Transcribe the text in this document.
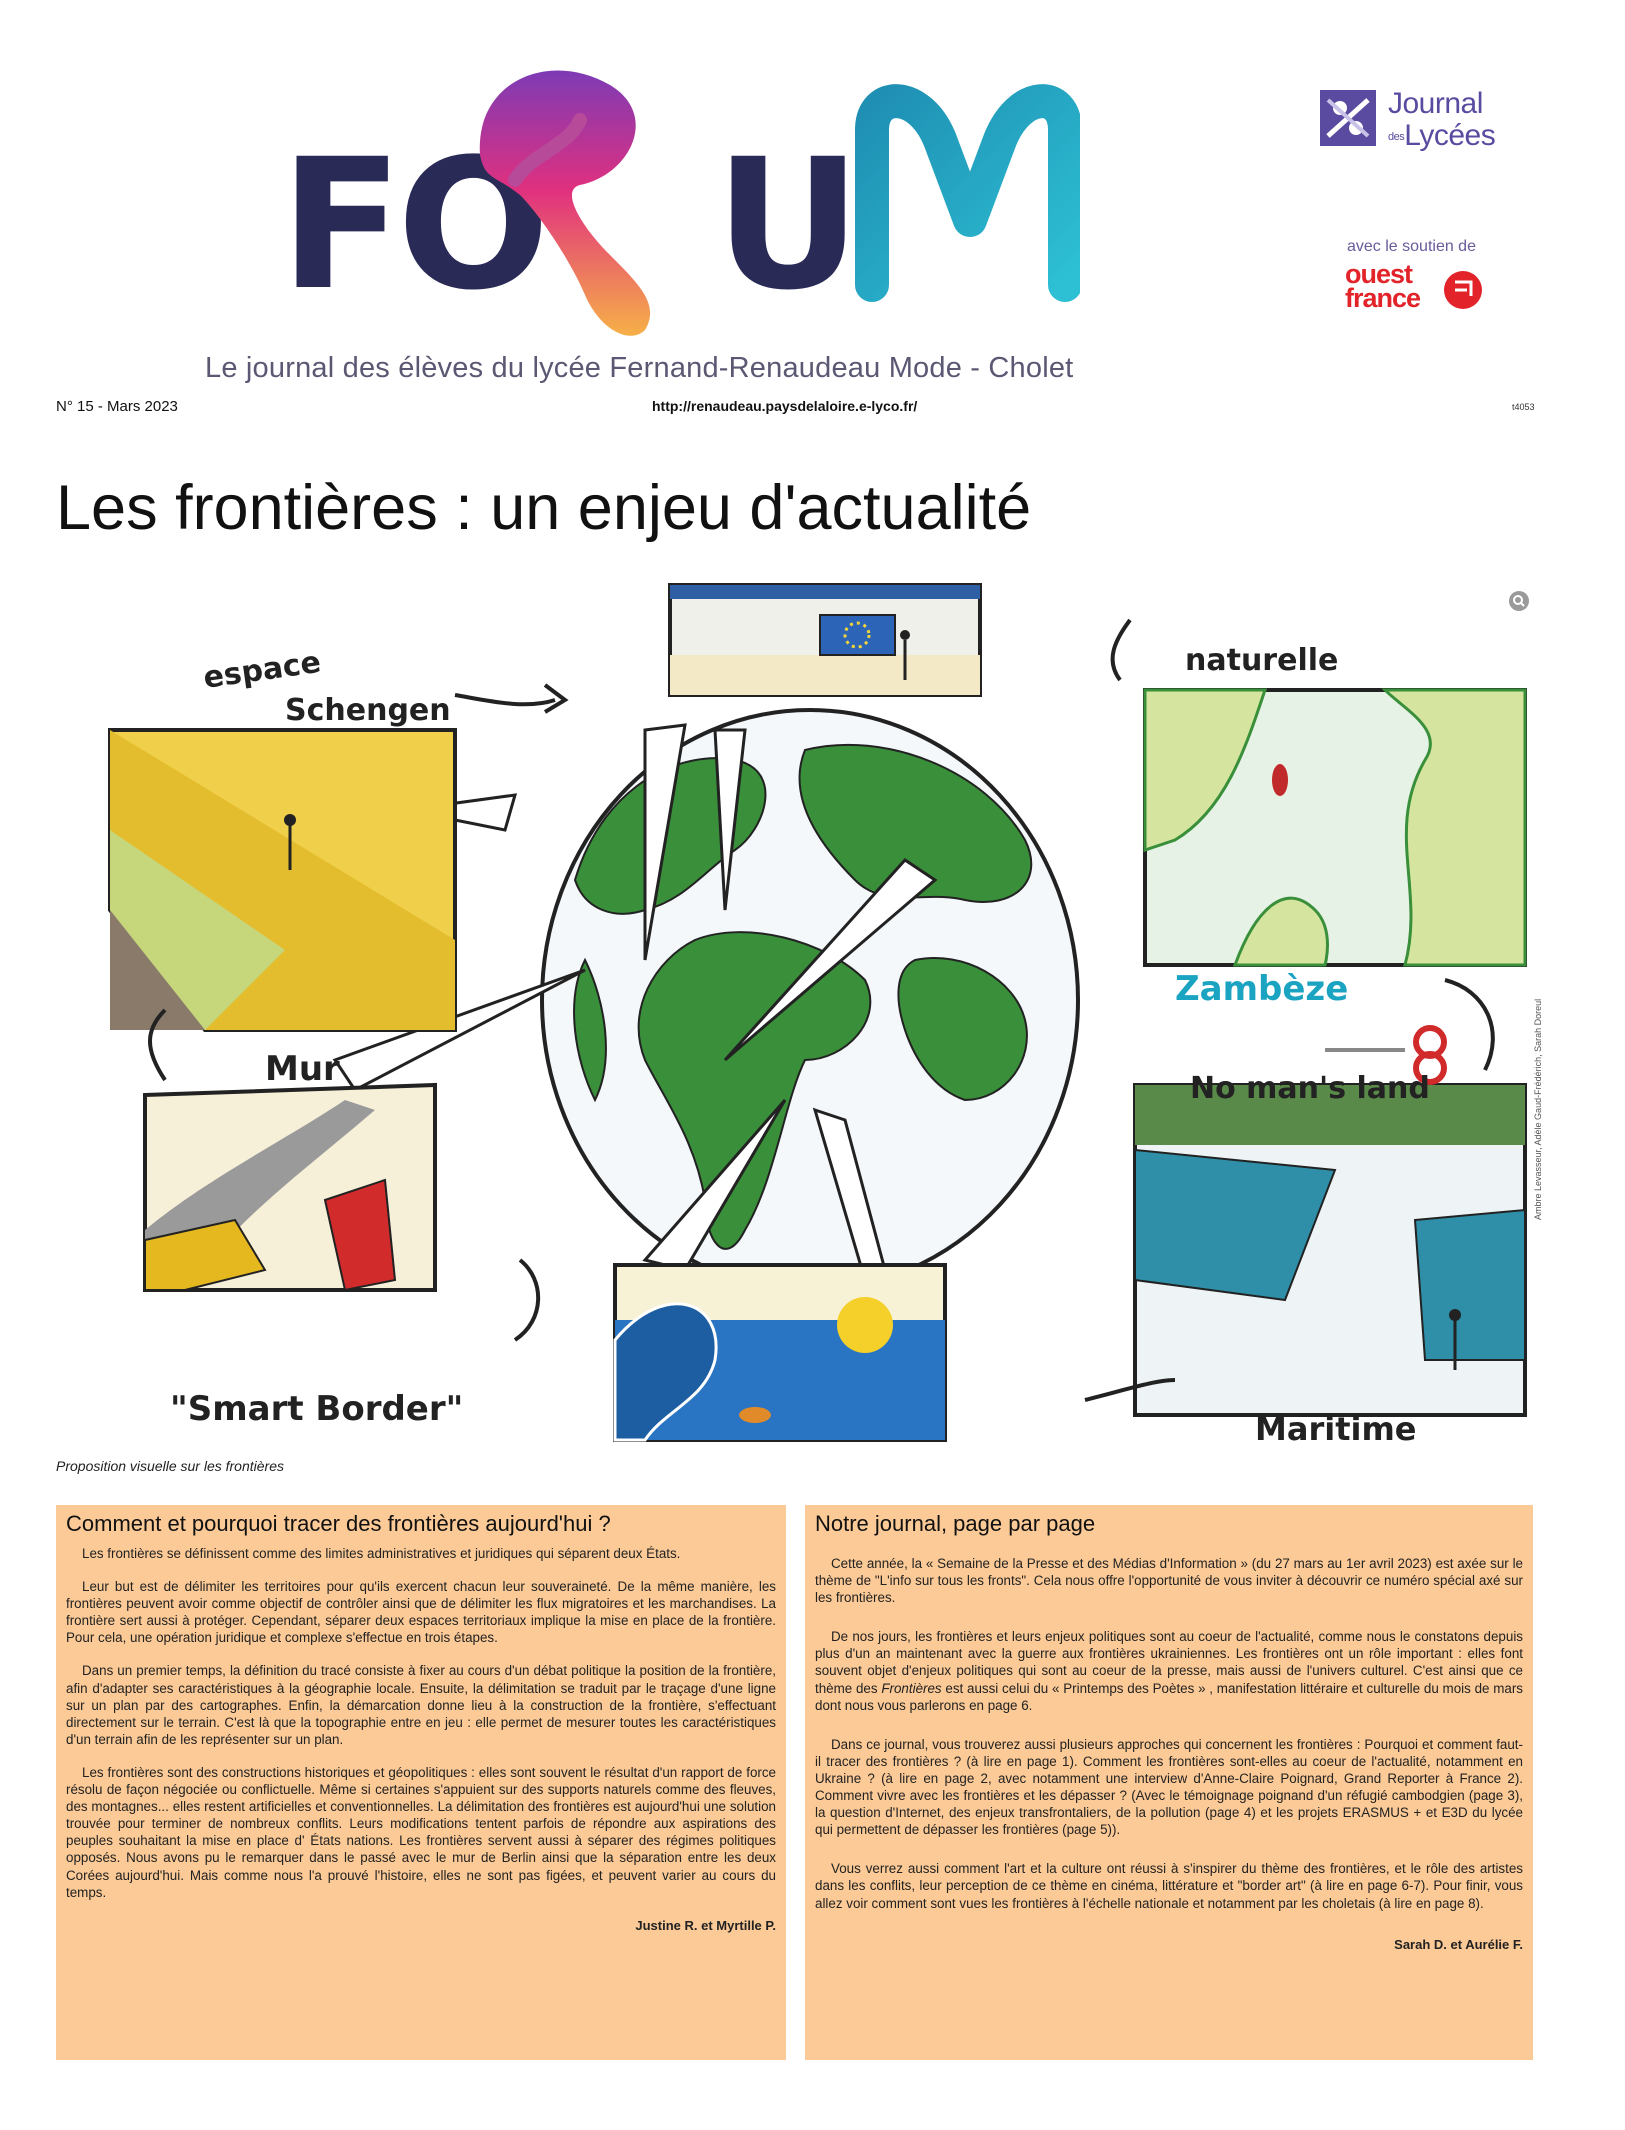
FO U
Le journal des élèves du lycée Fernand-Renaudeau Mode - Cholet
N° 15 - Mars 2023	http://renaudeau.paysdelaloire.e-lyco.fr/	t4053
Journal
desLycées
avec le soutien de
ouest
france
Les frontières : un enjeu d'actualité
espace
Schengen
naturelle
Zambèze
No man's land
Mur
"Smart Border"	Maritime
Ambre Levasseur, Adèle Gaud-Frédérich, Sarah Doreul
Proposition visuelle sur les frontières
Comment et pourquoi tracer des frontières aujourd'hui ?

Les frontières se définissent comme des limites administratives et juridiques qui séparent deux États.

Leur but est de délimiter les territoires pour qu'ils exercent chacun leur souveraineté. De la même manière, les frontières peuvent avoir comme objectif de contrôler ainsi que de délimiter les flux migratoires et les marchandises. La frontière sert aussi à protéger. Cependant, séparer deux espaces territoriaux implique la mise en place de la frontière. Pour cela, une opération juridique et complexe s'effectue en trois étapes.

Dans un premier temps, la définition du tracé consiste à fixer au cours d'un débat politique la position de la frontière, afin d'adapter ses caractéristiques à la géographie locale. Ensuite, la délimitation se traduit par le traçage d'une ligne sur un plan par des cartographes. Enfin, la démarcation donne lieu à la construction de la frontière, s'effectuant directement sur le terrain. C'est là que la topographie entre en jeu : elle permet de mesurer toutes les caractéristiques d'un terrain afin de les représenter sur un plan.

Les frontières sont des constructions historiques et géopolitiques : elles sont souvent le résultat d'un rapport de force résolu de façon négociée ou conflictuelle. Même si certaines s'appuient sur des supports naturels comme des fleuves, des montagnes... elles restent artificielles et conventionnelles. La délimitation des frontières est aujourd'hui une solution trouvée pour terminer de nombreux conflits. Leurs modifications tentent parfois de répondre aux aspirations des peuples souhaitant la mise en place d' États nations. Les frontières servent aussi à séparer des régimes politiques opposés. Nous avons pu le remarquer dans le passé avec le mur de Berlin ainsi que la séparation entre les deux Corées aujourd'hui. Mais comme nous l'a prouvé l'histoire, elles ne sont pas figées, et peuvent varier au cours du temps.

Justine R. et Myrtille P.

Notre journal, page par page

Cette année, la « Semaine de la Presse et des Médias d'Information » (du 27 mars au 1er avril 2023) est axée sur le thème de "L'info sur tous les fronts". Cela nous offre l'opportunité de vous inviter à découvrir ce numéro spécial axé sur les frontières.

De nos jours, les frontières et leurs enjeux politiques sont au coeur de l'actualité, comme nous le constatons depuis plus d'un an maintenant avec la guerre aux frontières ukrainiennes. Les frontières ont un rôle important : elles font souvent objet d'enjeux politiques qui sont au coeur de la presse, mais aussi de l'univers culturel. C'est ainsi que ce thème des Frontières est aussi celui du « Printemps des Poètes » , manifestation littéraire et culturelle du mois de mars dont nous vous parlerons en page 6.

Dans ce journal, vous trouverez aussi plusieurs approches qui concernent les frontières : Pourquoi et comment faut-il tracer des frontières ? (à lire en page 1). Comment les frontières sont-elles au coeur de l'actualité, notamment en Ukraine ? (à lire en page 2, avec notamment une interview d'Anne-Claire Poignard, Grand Reporter à France 2). Comment vivre avec les frontières et les dépasser ? (Avec le témoignage poignand d'un réfugié cambodgien (page 3), la question d'Internet, des enjeux transfrontaliers, de la pollution (page 4) et les projets ERASMUS + et E3D du lycée qui permettent de dépasser les frontières (page 5)).

Vous verrez aussi comment l'art et la culture ont réussi à s'inspirer du thème des frontières, et le rôle des artistes dans les conflits, leur perception de ce thème en cinéma, littérature et "border art" (à lire en page 6-7). Pour finir, vous allez voir comment sont vues les frontières à l'échelle nationale et notamment par les choletais (à lire en page 8).

Sarah D. et Aurélie F.
